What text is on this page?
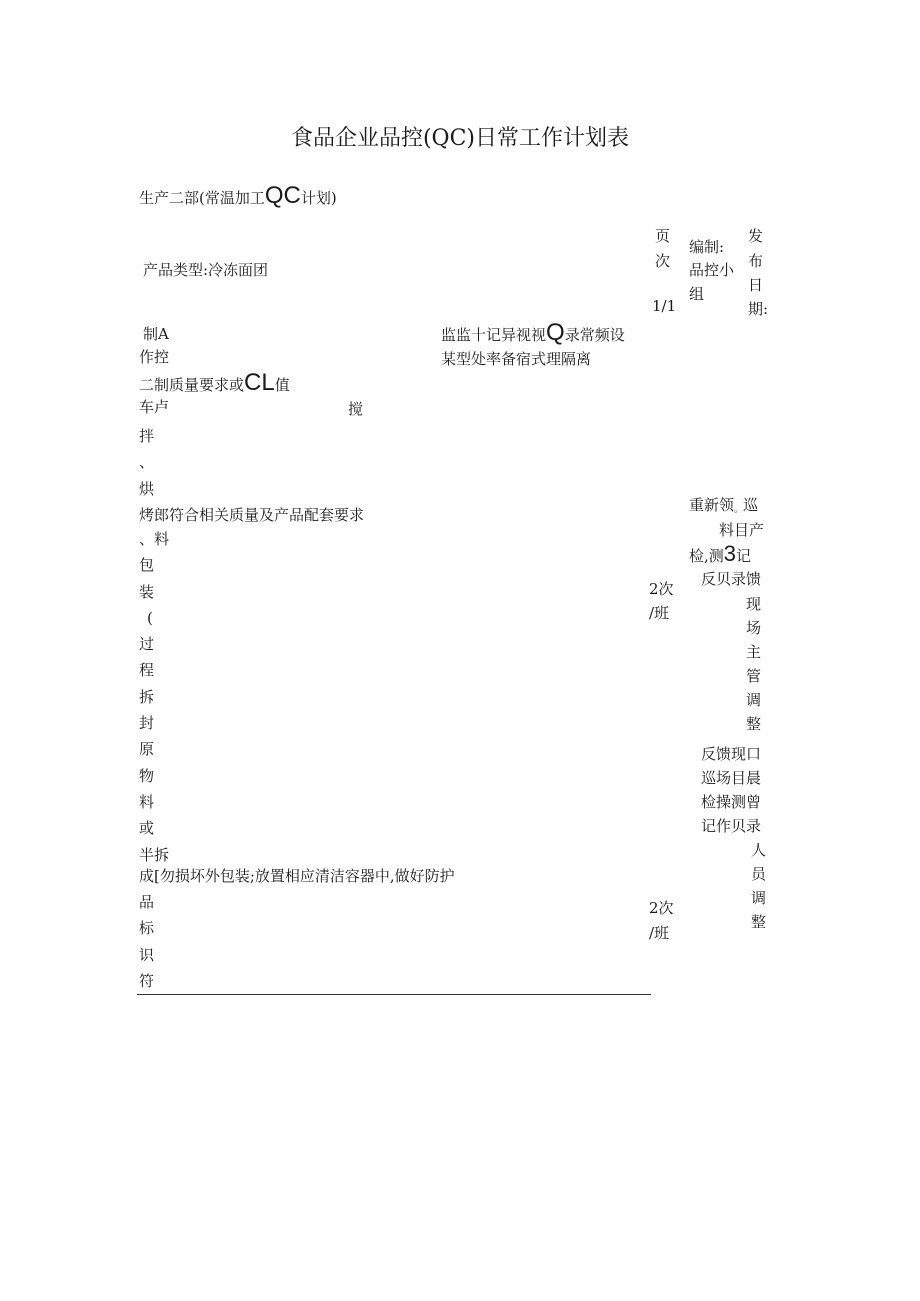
食品企业品控(QC)日常工作计划表
生产二部(常温加工QC计划)
产品类型:冷冻面团
页
次
1/1
编制:
品控小
组
发
布
日
期:
制A
作控
监监十记异视视Q录常频设
某型处率备宿式理隔离
二制质量要求或CL值
车卢	搅
拌
、
烘
烤郎符合相关质量及产品配套要求
、料
包
装
(
过
程
拆
封
原
物
料
或
半拆
成[勿损坏外包装;放置相应清洁容器中,做好防护
品
标
识
符
2次
/班
2次
/班
重新领。巡
料目产
检,测3记
反贝录馈
现
场
主
管
调
整
反馈现口
巡场目晨
检操测曾
记作贝录
人
员
调
整
